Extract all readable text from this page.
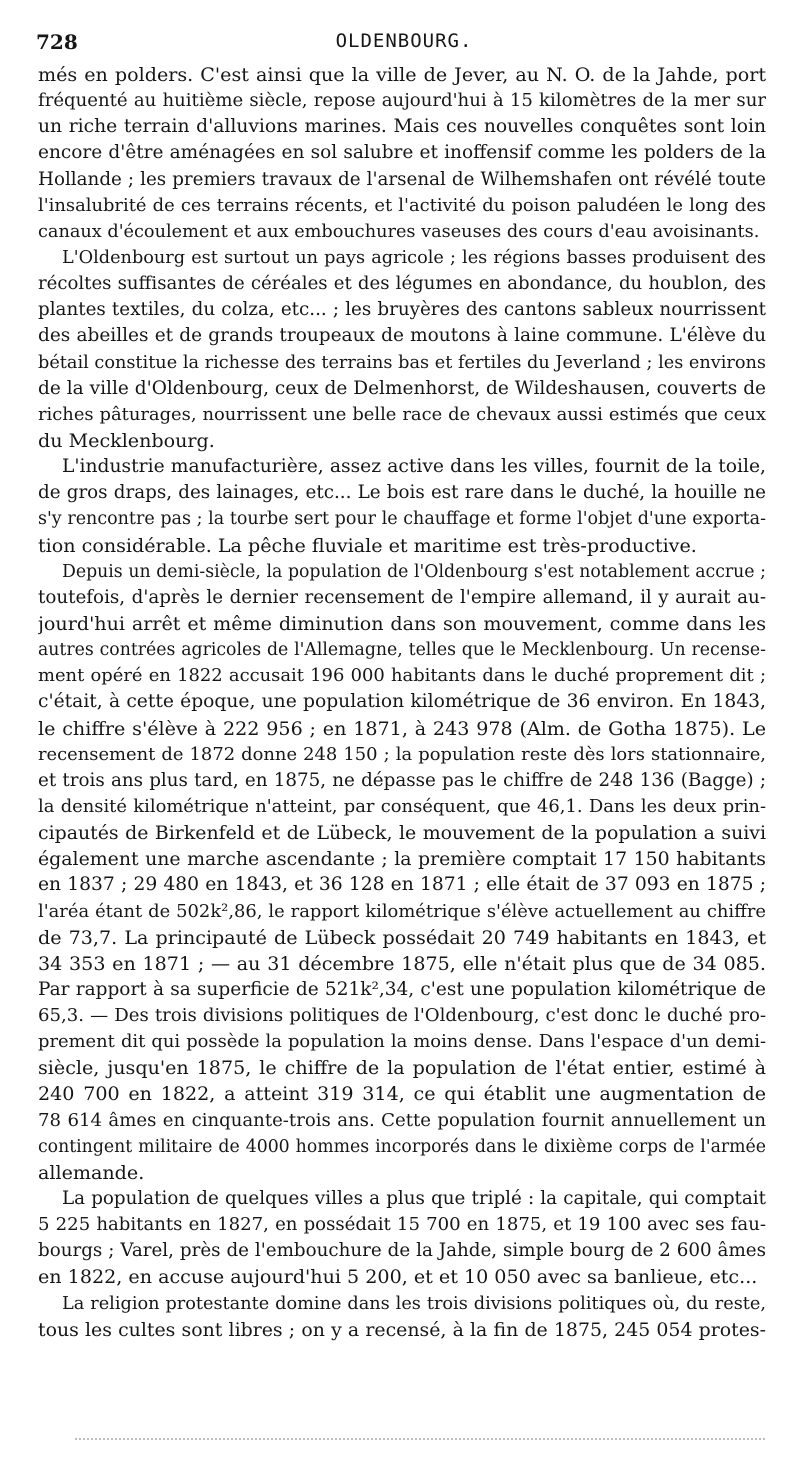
728	OLDENBOURG.
més en polders. C'est ainsi que la ville de Jever, au N. O. de la Jahde, port
fréquenté au huitième siècle, repose aujourd'hui à 15 kilomètres de la mer sur
un riche terrain d'alluvions marines. Mais ces nouvelles conquêtes sont loin
encore d'être aménagées en sol salubre et inoffensif comme les polders de la
Hollande ; les premiers travaux de l'arsenal de Wilhemshafen ont révélé toute
l'insalubrité de ces terrains récents, et l'activité du poison paludéen le long des
canaux d'écoulement et aux embouchures vaseuses des cours d'eau avoisinants.
L'Oldenbourg est surtout un pays agricole ; les régions basses produisent des
récoltes suffisantes de céréales et des légumes en abondance, du houblon, des
plantes textiles, du colza, etc... ; les bruyères des cantons sableux nourrissent
des abeilles et de grands troupeaux de moutons à laine commune. L'élève du
bétail constitue la richesse des terrains bas et fertiles du Jeverland ; les environs
de la ville d'Oldenbourg, ceux de Delmenhorst, de Wildeshausen, couverts de
riches pâturages, nourrissent une belle race de chevaux aussi estimés que ceux
du Mecklenbourg.
L'industrie manufacturière, assez active dans les villes, fournit de la toile,
de gros draps, des lainages, etc... Le bois est rare dans le duché, la houille ne
s'y rencontre pas ; la tourbe sert pour le chauffage et forme l'objet d'une exporta-
tion considérable. La pêche fluviale et maritime est très-productive.
Depuis un demi-siècle, la population de l'Oldenbourg s'est notablement accrue ;
toutefois, d'après le dernier recensement de l'empire allemand, il y aurait au-
jourd'hui arrêt et même diminution dans son mouvement, comme dans les
autres contrées agricoles de l'Allemagne, telles que le Mecklenbourg. Un recense-
ment opéré en 1822 accusait 196 000 habitants dans le duché proprement dit ;
c'était, à cette époque, une population kilométrique de 36 environ. En 1843,
le chiffre s'élève à 222 956 ; en 1871, à 243 978 (Alm. de Gotha 1875). Le
recensement de 1872 donne 248 150 ; la population reste dès lors stationnaire,
et trois ans plus tard, en 1875, ne dépasse pas le chiffre de 248 136 (Bagge) ;
la densité kilométrique n'atteint, par conséquent, que 46,1. Dans les deux prin-
cipautés de Birkenfeld et de Lübeck, le mouvement de la population a suivi
également une marche ascendante ; la première comptait 17 150 habitants
en 1837 ; 29 480 en 1843, et 36 128 en 1871 ; elle était de 37 093 en 1875 ;
l'aréa étant de 502k²,86, le rapport kilométrique s'élève actuellement au chiffre
de 73,7. La principauté de Lübeck possédait 20 749 habitants en 1843, et
34 353 en 1871 ; — au 31 décembre 1875, elle n'était plus que de 34 085.
Par rapport à sa superficie de 521k²,34, c'est une population kilométrique de
65,3. — Des trois divisions politiques de l'Oldenbourg, c'est donc le duché pro-
prement dit qui possède la population la moins dense. Dans l'espace d'un demi-
siècle, jusqu'en 1875, le chiffre de la population de l'état entier, estimé à
240 700 en 1822, a atteint 319 314, ce qui établit une augmentation de
78 614 âmes en cinquante-trois ans. Cette population fournit annuellement un
contingent militaire de 4000 hommes incorporés dans le dixième corps de l'armée
allemande.
La population de quelques villes a plus que triplé : la capitale, qui comptait
5 225 habitants en 1827, en possédait 15 700 en 1875, et 19 100 avec ses fau-
bourgs ; Varel, près de l'embouchure de la Jahde, simple bourg de 2 600 âmes
en 1822, en accuse aujourd'hui 5 200, et et 10 050 avec sa banlieue, etc...
La religion protestante domine dans les trois divisions politiques où, du reste,
tous les cultes sont libres ; on y a recensé, à la fin de 1875, 245 054 protes-
